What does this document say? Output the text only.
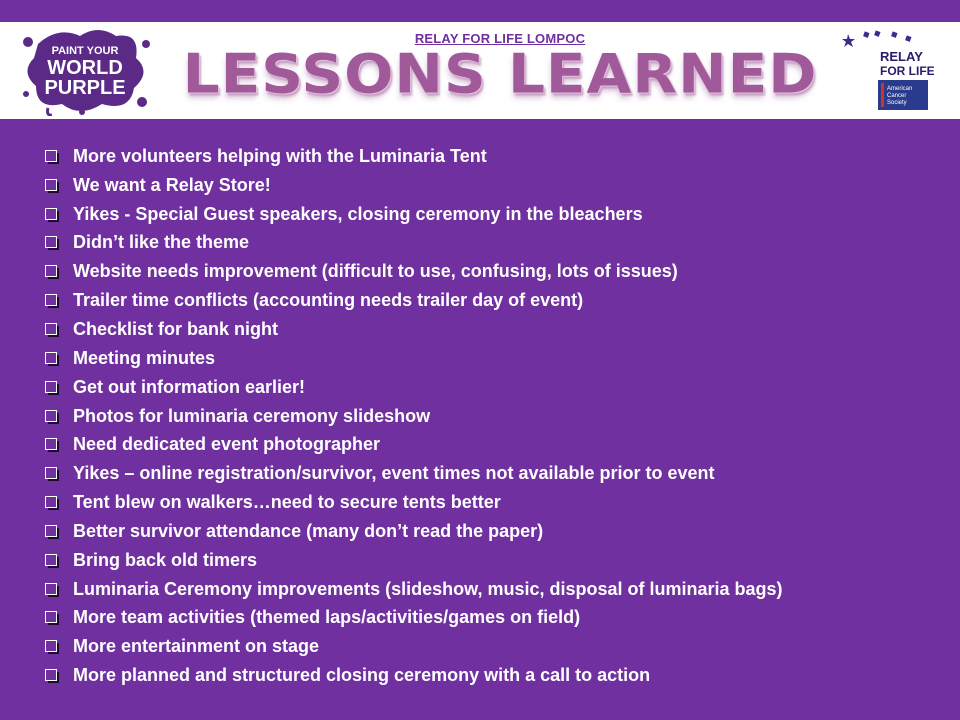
PAINT YOUR
WORLD
PURPLE
RELAY FOR LIFE LOMPOC
LESSONS LEARNED	RELAY
FOR LIFE
American
Cancer
Society
More volunteers helping with the Luminaria Tent
We want a Relay Store!
Yikes - Special Guest speakers, closing ceremony in the bleachers
Didn’t like the theme
Website needs improvement (difficult to use, confusing, lots of issues)
Trailer time conflicts (accounting needs trailer day of event)
Checklist for bank night
Meeting minutes
Get out information earlier!
Photos for luminaria ceremony slideshow
Need dedicated event photographer
Yikes – online registration/survivor, event times not available prior to event
Tent blew on walkers…need to secure tents better
Better survivor attendance (many don’t read the paper)
Bring back old timers
Luminaria Ceremony improvements (slideshow, music, disposal of luminaria bags)
More team activities (themed laps/activities/games on field)
More entertainment on stage
More planned and structured closing ceremony with a call to action
